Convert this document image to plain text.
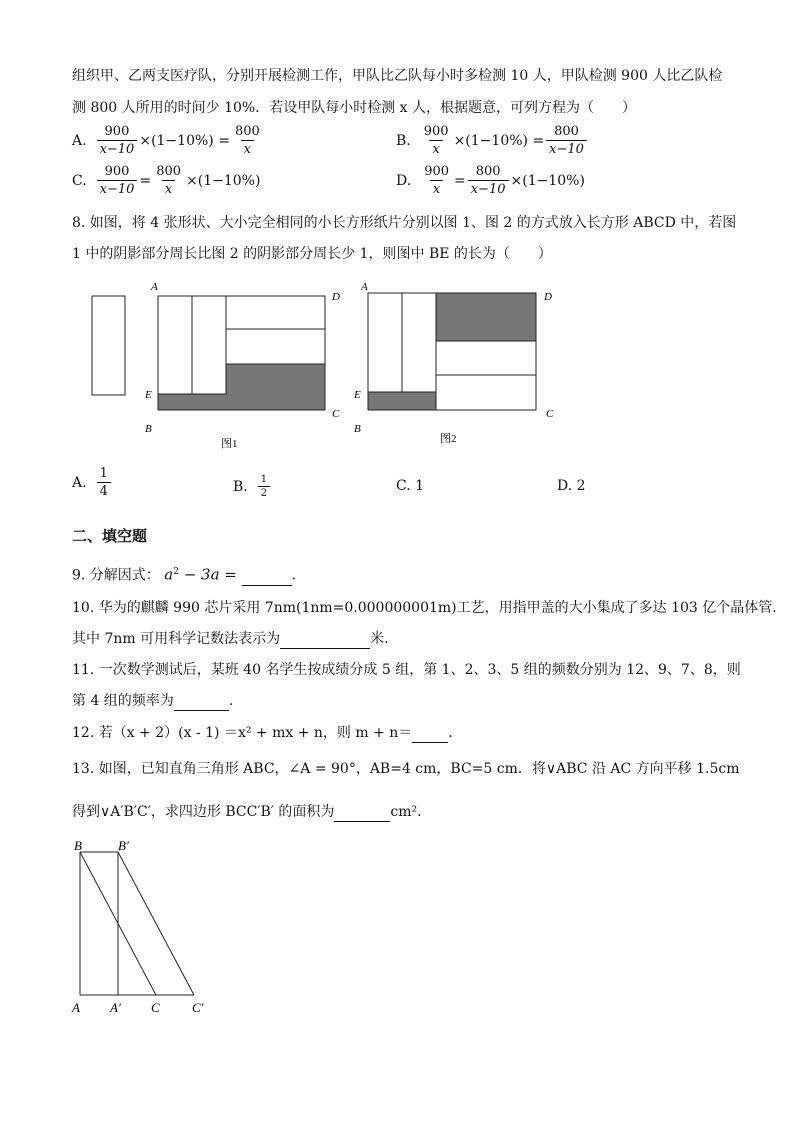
组织甲、乙两支医疗队，分别开展检测工作，甲队比乙队每小时多检测 10 人，甲队检测 900 人比乙队检
测 800 人所用的时间少 10%．若设甲队每小时检测 x 人，根据题意，可列方程为（　　）
A. $\frac{900}{x-10} \times(1-10\%) = \frac{800}{x}$	B. $\frac{900}{x} \times(1-10\%) = \frac{800}{x-10}$
C. $\frac{900}{x-10} = \frac{800}{x} \times(1-10\%)$	D. $\frac{900}{x} = \frac{800}{x-10} \times(1-10\%)$
8. 如图，将 4 张形状、大小完全相同的小长方形纸片分别以图 1、图 2 的方式放入长方形 ABCD 中，若图
1 中的阴影部分周长比图 2 的阴影部分周长少 1，则图中 BE 的长为（　　）
A
D
E
B
C
图1
A
D
E
B
C
图2
A. $\frac{1}{4}$	B. $\frac{1}{2}$	C. 1	D. 2
二、填空题
9. 分解因式： $a^2 - 3a$ =	.
10. 华为的麒麟 990 芯片采用 7nm(1nm=0.000000001m)工艺，用指甲盖的大小集成了多达 103 亿个晶体管.
其中 7nm 可用科学记数法表示为	米.
11. 一次数学测试后，某班 40 名学生按成绩分成 5 组，第 1、2、3、5 组的频数分别为 12、9、7、8，则
第 4 组的频率为	.
12. 若（x + 2）(x - 1) ＝x² + mx + n，则 m + n＝	．
13. 如图，已知直角三角形 ABC，∠A = 90°，AB=4 cm，BC=5 cm．将∨ABC 沿 AC 方向平移 1.5cm
得到∨A′B′C′，求四边形 BCC′B′ 的面积为	cm²．
B	B′
A A′ C C′
